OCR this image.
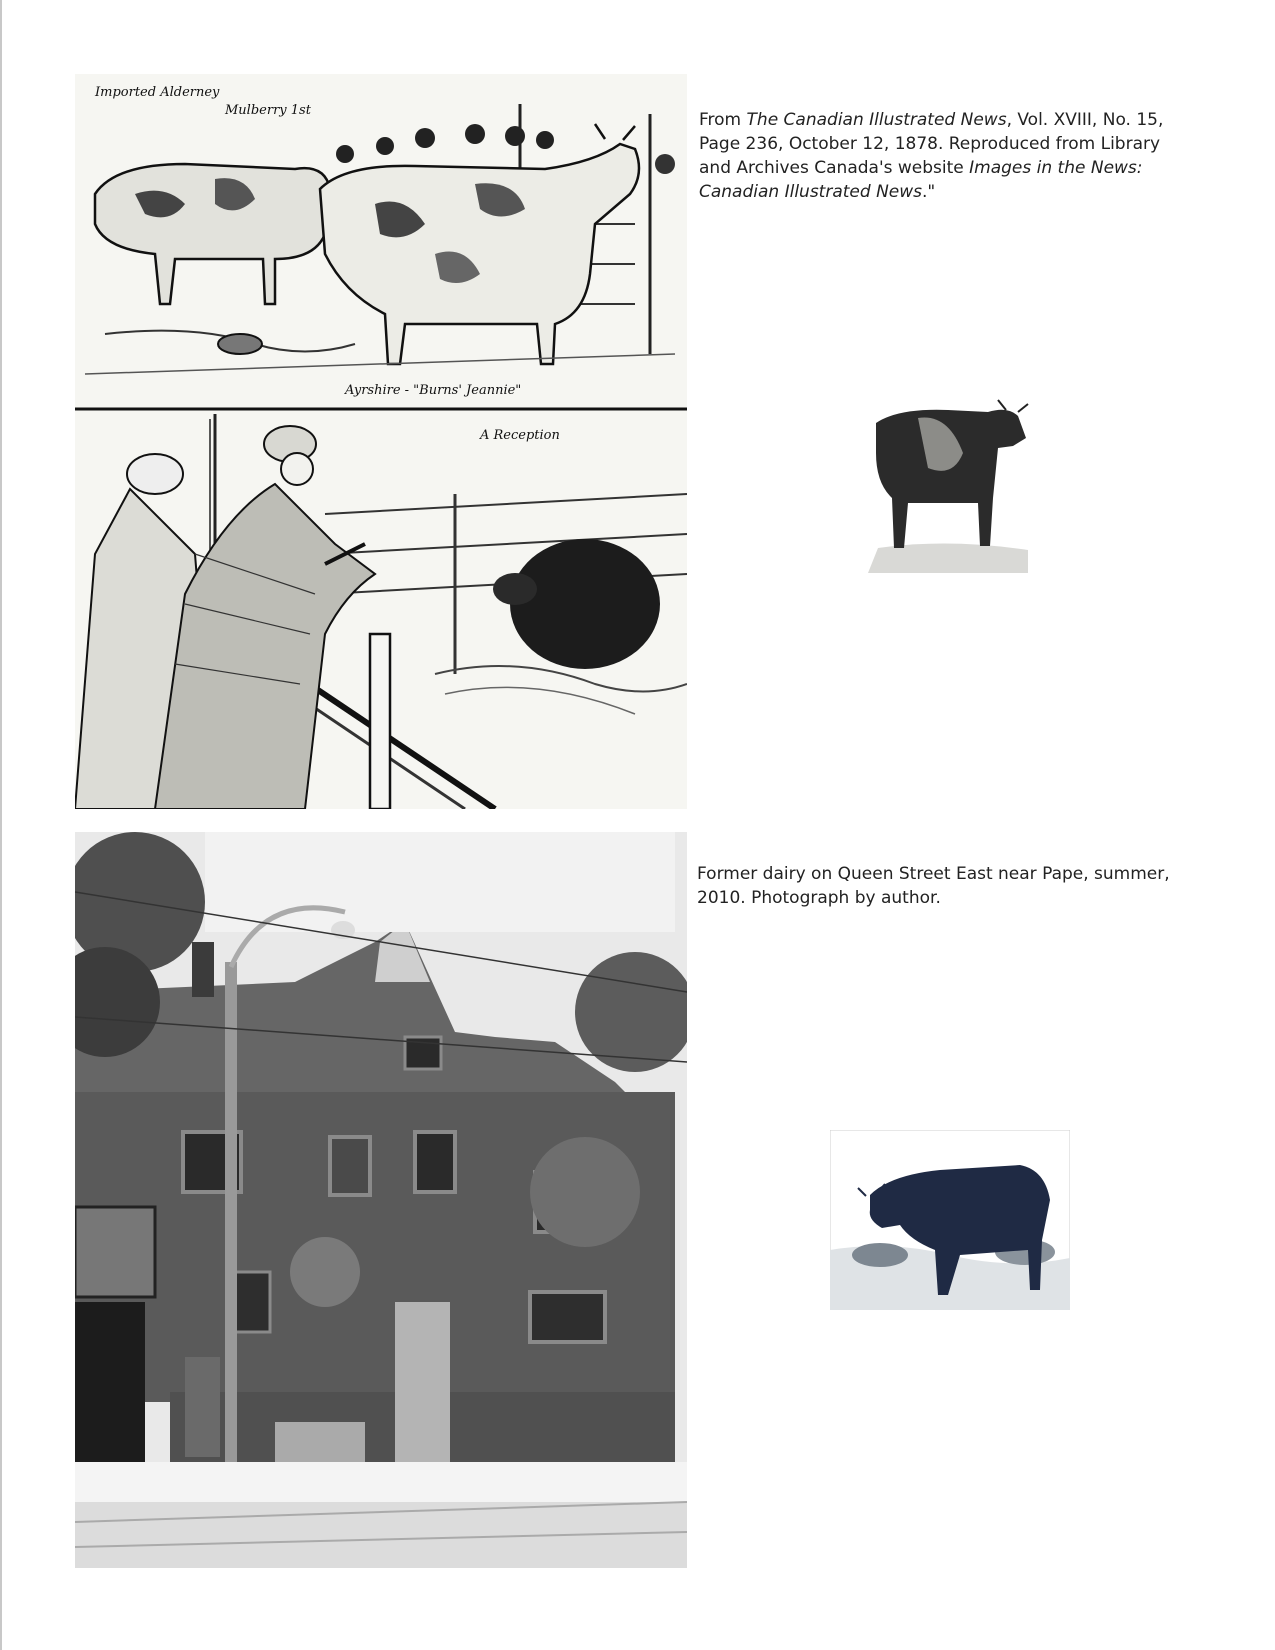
Imported Alderney
Mulberry 1st
Ayrshire - "Burns' Jeannie"
A Reception
From The Canadian Illustrated News, Vol. XVIII, No. 15, Page 236, October 12, 1878. Reproduced from Library and Archives Canada's website Images in the News: Canadian Illustrated News."
Former dairy on Queen Street East near Pape, summer, 2010. Photograph by author.
